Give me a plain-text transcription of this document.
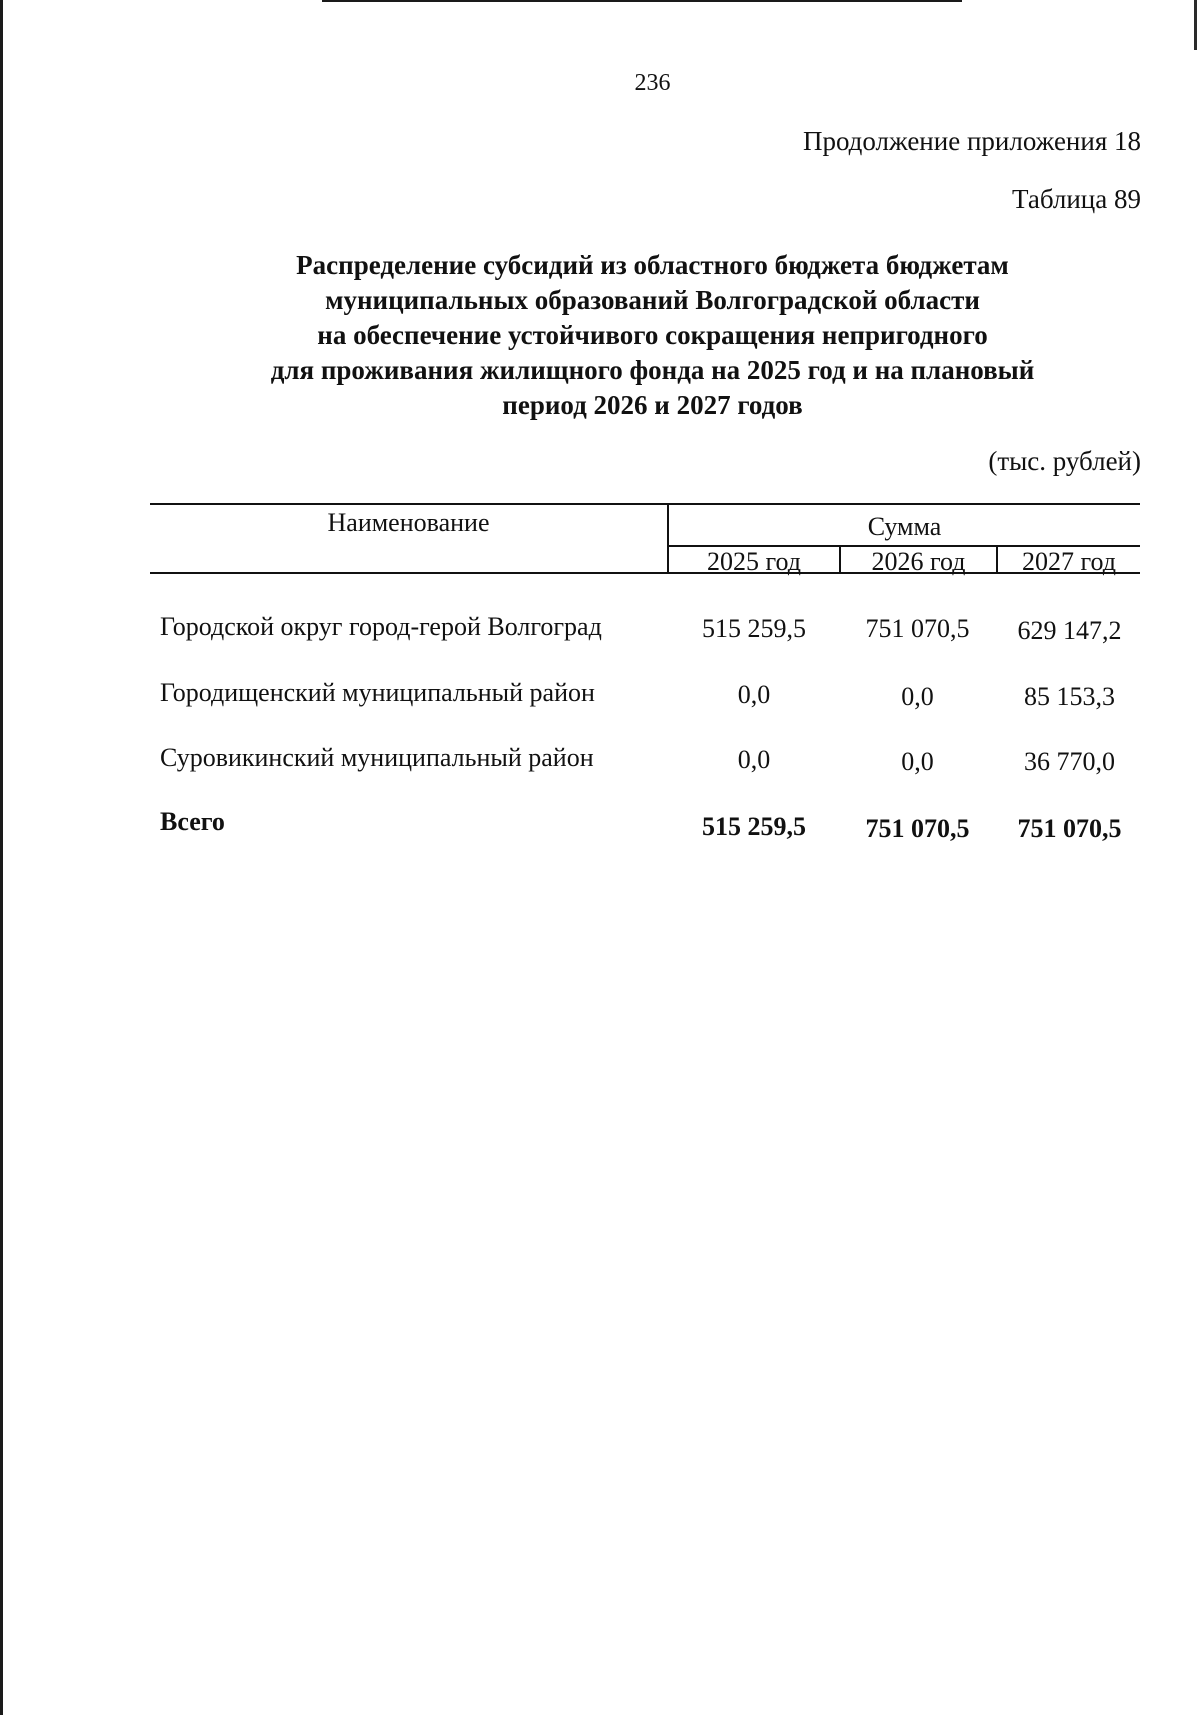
236
Продолжение приложения 18
Таблица 89
Распределение субсидий из областного бюджета бюджетам
муниципальных образований Волгоградской области
на обеспечение устойчивого сокращения непригодного
для проживания жилищного фонда на 2025 год и на плановый
период 2026 и 2027 годов
(тыс. рублей)
Наименование	Сумма
2025 год	2026 год	2027 год
Городской округ город-герой Волгоград	515 259,5	751 070,5	629 147,2
Городищенский муниципальный район	0,0	0,0	85 153,3
Суровикинский муниципальный район	0,0	0,0	36 770,0
Всего	515 259,5	751 070,5	751 070,5
